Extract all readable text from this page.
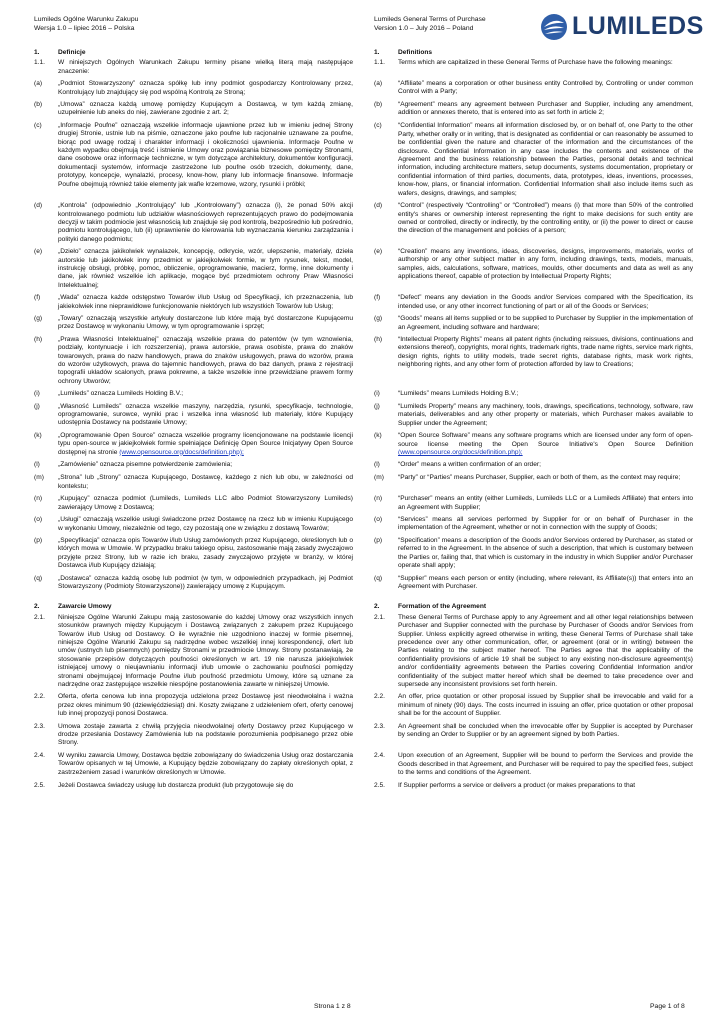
Lumileds Ogólne Warunku Zakupu
Wersja 1.0 – lipiec 2016 – Polska
Lumileds General Terms of Purchase
Version 1.0 – July 2016 – Poland	LUMILEDS
1.	Definicje
1.1.	W niniejszych Ogólnych Warunkach Zakupu terminy pisane wielką literą mają następujące znaczenie:
(a)	„Podmiot Stowarzyszony” oznacza spółkę lub inny podmiot gospodarczy Kontrolowany przez, Kontrolujący lub znajdujący się pod wspólną Kontrolą ze Stroną;
(b)	„Umowa” oznacza każdą umowę pomiędzy Kupującym a Dostawcą, w tym każdą zmianę, uzupełnienie lub aneks do niej, zawierane zgodnie z art. 2;
(c)	„Informacje Poufne” oznaczają wszelkie informacje ujawnione przez lub w imieniu jednej Strony drugiej Stronie, ustnie lub na piśmie, oznaczone jako poufne lub racjonalnie uznawane za poufne, biorąc pod uwagę rodzaj i charakter informacji i okoliczności ujawnienia. Informacje Poufne w każdym wypadku obejmują treść i istnienie Umowy oraz powiązania biznesowe pomiędzy Stronami, dane osobowe oraz informacje techniczne, w tym dotyczące architektury, dokumentów konfiguracji, dokumentacji systemów, informacje zastrzeżone lub poufne osób trzecich, dokumenty, dane, prototypy, koncepcje, wynalazki, procesy, know-how, plany lub informacje finansowe. Informacje Poufne obejmują również takie elementy jak wafle krzemowe, wzory, rysunki i próbki;
(d)	„Kontrola” (odpowiednio „Kontrolujący” lub „Kontrolowany”) oznacza (i), że ponad 50% akcji kontrolowanego podmiotu lub udziałów własnościowych reprezentujących prawo do podejmowania decyzji w takim podmiocie jest własnością lub znajduje się pod kontrolą, bezpośrednio lub pośrednio, podmiotu kontrolującego, lub (ii) uprawnienie do kierowania lub wyznaczania kierunku zarządzania i polityki danego podmiotu;
(e)	„Dzieło” oznacza jakikolwiek wynalazek, koncepcję, odkrycie, wzór, ulepszenie, materiały, dzieła autorskie lub jakikolwiek inny przedmiot w jakiejkolwiek formie, w tym rysunek, tekst, model, instrukcję obsługi, próbkę, pomoc, obliczenie, oprogramowanie, macierz, formę, inne dokumenty i dane, jak również wszelkie ich aplikacje, mogące być przedmiotem ochrony Praw Własności Intelektualnej;
(f)	„Wada” oznacza każde odstępstwo Towarów i/lub Usług od Specyfikacji, ich przeznaczenia, lub jakiekolwiek inne nieprawidłowe funkcjonowanie niektórych lub wszystkich Towarów lub Usług;
(g)	„Towary” oznaczają wszystkie artykuły dostarczone lub które mają być dostarczone Kupującemu przez Dostawcę w wykonaniu Umowy, w tym oprogramowanie i sprzęt;
(h)	„Prawa Własności Intelektualnej” oznaczają wszelkie prawa do patentów (w tym wznowienia, podziały, kontynuacje i ich rozszerzenia), prawa autorskie, prawa osobiste, prawa do znaków towarowych, prawa do nazw handlowych, prawa do znaków usługowych, prawa do wzorów, prawa do wzorów użytkowych, prawa do tajemnic handlowych, prawa do baz danych, prawa z rejestracji topografii układów scalonych, prawa pokrewne, a także wszelkie inne przewidziane prawem formy ochrony Utworów;
(i)	„Lumileds” oznacza Lumileds Holding B.V.;
(j)	„Własność Lumileds” oznacza wszelkie maszyny, narzędzia, rysunki, specyfikacje, technologie, oprogramowanie, surowce, wyniki prac i wszelka inna własność lub materiały, które Kupujący udostępnia Dostawcy na podstawie Umowy;
(k)	„Oprogramowanie Open Source” oznacza wszelkie programy licencjonowane na podstawie licencji typu open-source w jakiejkolwiek formie spełniające Definicję Open Source Inicjatywy Open Source dostępnej na stronie (www.opensource.org/docs/definition.php);
(l)	„Zamówienie” oznacza pisemne potwierdzenie zamówienia;
(m)	„Strona” lub „Strony” oznacza Kupującego, Dostawcę, każdego z nich lub obu, w zależności od kontekstu;
(n)	„Kupujący” oznacza podmiot (Lumileds, Lumileds LLC albo Podmiot Stowarzyszony Lumileds) zawierający Umowę z Dostawcą;
(o)	„Usługi” oznaczają wszelkie usługi świadczone przez Dostawcę na rzecz lub w imieniu Kupującego w wykonaniu Umowy, niezależnie od tego, czy pozostają one w związku z dostawą Towarów;
(p)	„Specyfikacja” oznacza opis Towarów i/lub Usług zamówionych przez Kupującego, określonych lub o których mowa w Umowie. W przypadku braku takiego opisu, zastosowanie mają zasady zwyczajowo przyjęte przez Strony, lub w razie ich braku, zasady zwyczajowo przyjęte w branży, w której Dostawca i/lub Kupujący działają;
(q)	„Dostawca” oznacza każdą osobę lub podmiot (w tym, w odpowiednich przypadkach, jej Podmiot Stowarzyszony (Podmioty Stowarzyszone)) zawierający umowę z Kupującym.
2.	Zawarcie Umowy
2.1.	Niniejsze Ogólne Warunki Zakupu mają zastosowanie do każdej Umowy oraz wszystkich innych stosunków prawnych między Kupującym i Dostawcą związanych z zakupem przez Kupującego Towarów i/lub Usług od Dostawcy. O ile wyraźnie nie uzgodniono inaczej w formie pisemnej, niniejsze Ogólne Warunki Zakupu są nadrzędne wobec wszelkiej innej korespondencji, ofert lub umów (ustnych lub pisemnych) pomiędzy Stronami w przedmiocie Umowy. Strony postanawiają, że stosowanie przepisów dotyczących poufności określonych w art. 19 nie narusza jakiejkolwiek istniejącej umowy o nieujawnianiu informacji i/lub umowie o zachowaniu poufności pomiędzy stronami obejmującej Informacje Poufne i/lub poufność przedmiotu Umowy, które są uznane za nadrzędne oraz zastępujące wszelkie niespójne postanowienia zawarte w niniejszej Umowie.
2.2.	Oferta, oferta cenowa lub inna propozycja udzielona przez Dostawcę jest nieodwołalna i ważna przez okres minimum 90 (dziewięćdziesiąt) dni. Koszty związane z udzieleniem ofert, oferty cenowej lub innej propozycji ponosi Dostawca.
2.3.	Umowa zostaje zawarta z chwilą przyjęcia nieodwołalnej oferty Dostawcy przez Kupującego w drodze przesłania Dostawcy Zamówienia lub na podstawie porozumienia podpisanego przez obie Strony.
2.4.	W wyniku zawarcia Umowy, Dostawca będzie zobowiązany do świadczenia Usług oraz dostarczania Towarów opisanych w tej Umowie, a Kupujący będzie zobowiązany do zapłaty określonych opłat, z zastrzeżeniem zasad i warunków określonych w Umowie.
2.5.	Jeżeli Dostawca świadczy usługę lub dostarcza produkt (lub przygotowuje się do
1.	Definitions
1.1.	Terms which are capitalized in these General Terms of Purchase have the following meanings:
(a)	“Affiliate” means a corporation or other business entity Controlled by, Controlling or under common Control with a Party;
(b)	“Agreement” means any agreement between Purchaser and Supplier, including any amendment, addition or annexes thereto, that is entered into as set forth in article 2;
(c)	“Confidential Information” means all information disclosed by, or on behalf of, one Party to the other Party, whether orally or in writing, that is designated as confidential or can reasonably be assumed to be confidential given the nature and character of the information and the circumstances of the disclosure. Confidential Information in any case includes the contents and existence of the Agreement and the business relationship between the Parties, personal details and technical information, including architecture matters, setup documents, systems documentation, proprietary or confidential information of third parties, documents, data, prototypes, ideas, inventions, processes, know-how, plans, or financial information. Confidential Information shall also include items such as wafers, designs, drawings, and samples;
(d)	“Control” (respectively “Controlling” or “Controlled”) means (i) that more than 50% of the controlled entity's shares or ownership interest representing the right to make decisions for such entity are owned or controlled, directly or indirectly, by the controlling entity, or (ii) the power to direct or cause the direction of the management and policies of a person;
(e)	“Creation” means any inventions, ideas, discoveries, designs, improvements, materials, works of authorship or any other subject matter in any form, including drawings, texts, models, manuals, samples, aids, calculations, software, matrices, moulds, other documents and data as well as any applications thereof, capable of protection by Intellectual Property Rights;
(f)	“Defect” means any deviation in the Goods and/or Services compared with the Specification, its intended use, or any other incorrect functioning of part or all of the Goods or Services;
(g)	“Goods” means all items supplied or to be supplied to Purchaser by Supplier in the implementation of an Agreement, including software and hardware;
(h)	“Intellectual Property Rights” means all patent rights (including reissues, divisions, continuations and extensions thereof), copyrights, moral rights, trademark rights, trade name rights, service mark rights, design rights, rights to utility models, trade secret rights, database rights, mask work rights, neighboring rights, and any other form of protection afforded by law to Creations;
(i)	“Lumileds” means Lumileds Holding B.V.;
(j)	“Lumileds Property” means any machinery, tools, drawings, specifications, technology, software, raw materials, deliverables and any other property or materials, which Purchaser makes available to Supplier under the Agreement;
(k)	“Open Source Software” means any software programs which are licensed under any form of open-source license meeting the Open Source Initiative's Open Source Definition (www.opensource.org/docs/definition.php);
(l)	“Order” means a written confirmation of an order;
(m)	“Party” or “Parties” means Purchaser, Supplier, each or both of them, as the context may require;
(n)	“Purchaser” means an entity (either Lumileds, Lumileds LLC or a Lumileds Affiliate) that enters into an Agreement with Supplier;
(o)	“Services” means all services performed by Supplier for or on behalf of Purchaser in the implementation of the Agreement, whether or not in connection with the supply of Goods;
(p)	“Specification” means a description of the Goods and/or Services ordered by Purchaser, as stated or referred to in the Agreement. In the absence of such a description, that which is customary between the Parties or, failing that, that which is customary in the industry in which Supplier and/or Purchaser operate shall apply;
(q)	“Supplier” means each person or entity (including, where relevant, its Affiliate(s)) that enters into an Agreement with Purchaser.
2.	Formation of the Agreement
2.1.	These General Terms of Purchase apply to any Agreement and all other legal relationships between Purchaser and Supplier connected with the purchase by Purchaser of Goods and/or Services from Supplier. Unless explicitly agreed otherwise in writing, these General Terms of Purchase shall take precedence over any other communication, offer, or agreement (oral or in writing) between the Parties relating to the subject matter hereof. The Parties agree that the applicability of the confidentiality provisions of article 19 shall be subject to any existing non-disclosure agreement(s) and/or confidentiality agreements between the Parties covering Confidential Information and/or confidentiality of the subject matter hereof which shall be deemed to take precedence over and supersede any inconsistent provisions set forth herein.
2.2.	An offer, price quotation or other proposal issued by Supplier shall be irrevocable and valid for a minimum of ninety (90) days. The costs incurred in issuing an offer, price quotation or other proposal shall be for the account of Supplier.
2.3.	An Agreement shall be concluded when the irrevocable offer by Supplier is accepted by Purchaser by sending an Order to Supplier or by an agreement signed by both Parties.
2.4.	Upon execution of an Agreement, Supplier will be bound to perform the Services and provide the Goods described in that Agreement, and Purchaser will be required to pay the specified fees, subject to the terms and conditions of the Agreement.
2.5.	If Supplier performs a service or delivers a product (or makes preparations to that
Strona 1 z 8	Page 1 of 8
